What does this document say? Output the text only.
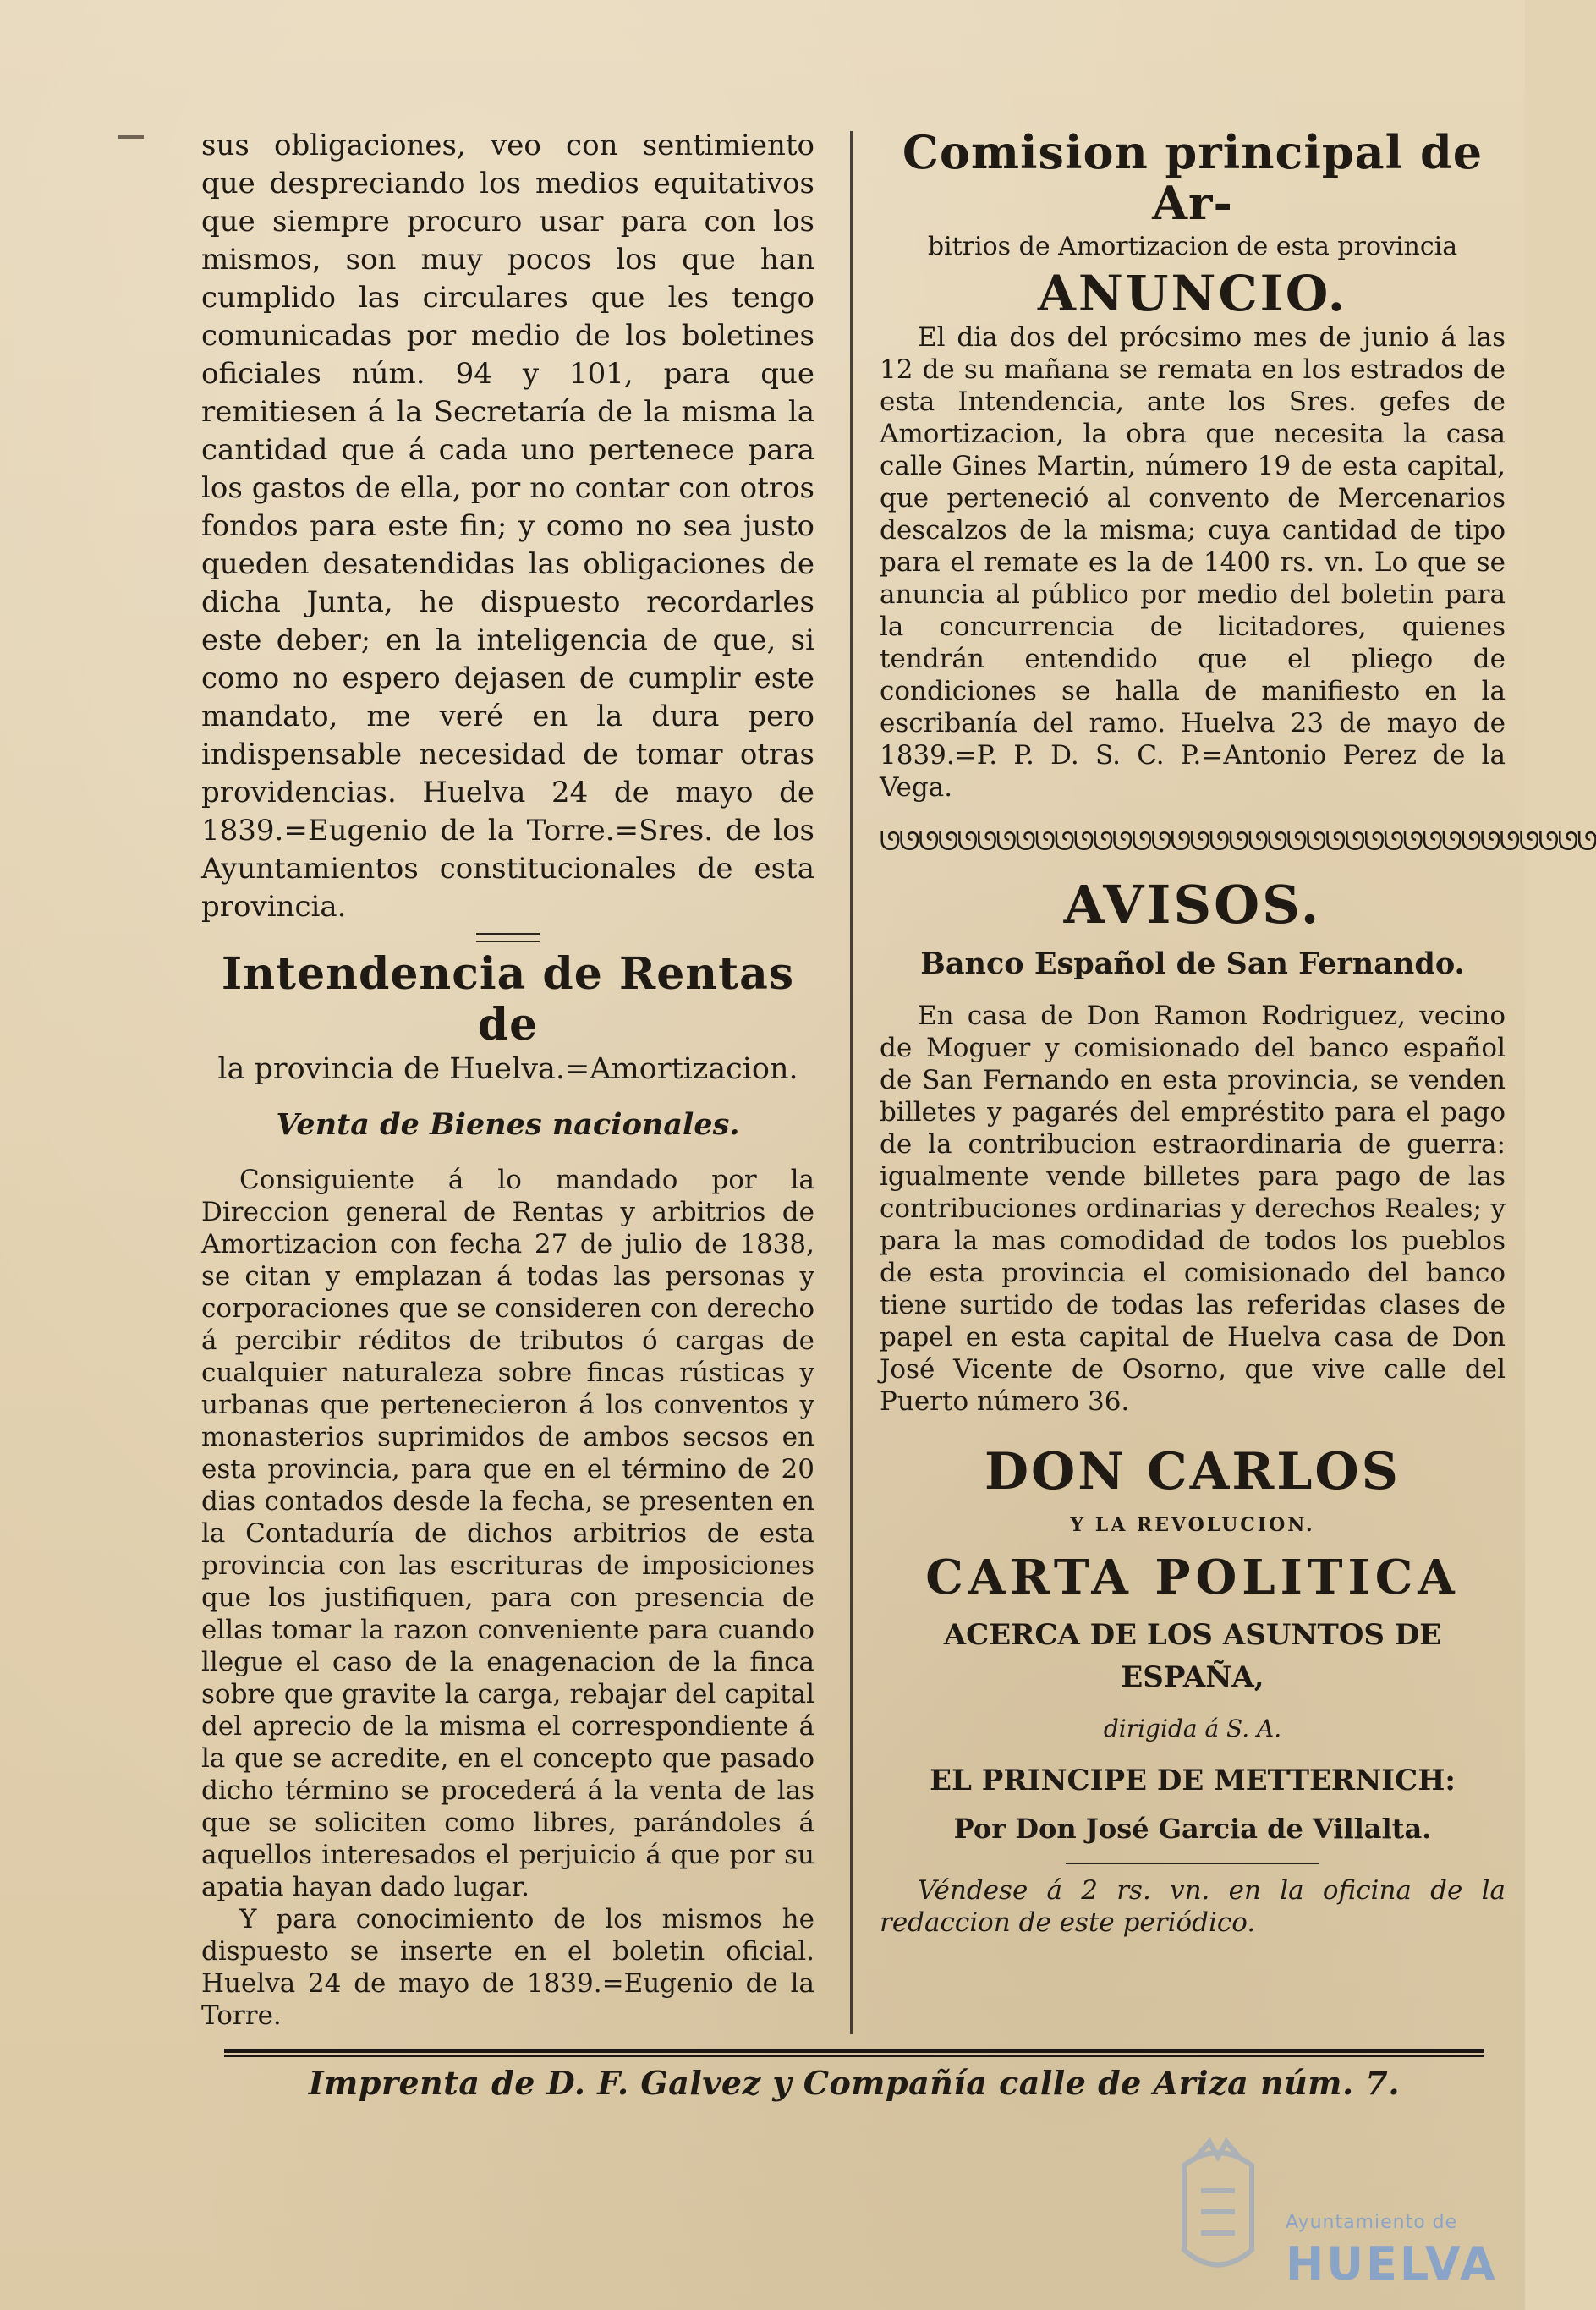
sus obligaciones, veo con sentimiento que despreciando los medios equitativos que siempre procuro usar para con los mismos, son muy pocos los que han cumplido las circulares que les tengo comunicadas por medio de los boletines oficiales núm. 94 y 101, para que remitiesen á la Secretaría de la misma la cantidad que á cada uno pertenece para los gastos de ella, por no contar con otros fondos para este fin; y como no sea justo queden desatendidas las obligaciones de dicha Junta, he dispuesto recordarles este deber; en la inteligencia de que, si como no espero dejasen de cumplir este mandato, me veré en la dura pero indispensable necesidad de tomar otras providencias. Huelva 24 de mayo de 1839.=Eugenio de la Torre.=Sres. de los Ayuntamientos constitucionales de esta provincia.

Intendencia de Rentas de
la provincia de Huelva.=Amortizacion.
Venta de Bienes nacionales.

Consiguiente á lo mandado por la Direccion general de Rentas y arbitrios de Amortizacion con fecha 27 de julio de 1838, se citan y emplazan á todas las personas y corporaciones que se consideren con derecho á percibir réditos de tributos ó cargas de cualquier naturaleza sobre fincas rústicas y urbanas que pertenecieron á los conventos y monasterios suprimidos de ambos secsos en esta provincia, para que en el término de 20 dias contados desde la fecha, se presenten en la Contaduría de dichos arbitrios de esta provincia con las escrituras de imposiciones que los justifiquen, para con presencia de ellas tomar la razon conveniente para cuando llegue el caso de la enagenacion de la finca sobre que gravite la carga, rebajar del capital del aprecio de la misma el correspondiente á la que se acredite, en el concepto que pasado dicho término se procederá á la venta de las que se soliciten como libres, parándoles á aquellos interesados el perjuicio á que por su apatia hayan dado lugar.

Y para conocimiento de los mismos he dispuesto se inserte en el boletin oficial. Huelva 24 de mayo de 1839.=Eugenio de la Torre.

Comision principal de Ar-
bitrios de Amortizacion de esta provincia
ANUNCIO.

El dia dos del prócsimo mes de junio á las 12 de su mañana se remata en los estrados de esta Intendencia, ante los Sres. gefes de Amortizacion, la obra que necesita la casa calle Gines Martin, número 19 de esta capital, que perteneció al convento de Mercenarios descalzos de la misma; cuya cantidad de tipo para el remate es la de 1400 rs. vn. Lo que se anuncia al público por medio del boletin para la concurrencia de licitadores, quienes tendrán entendido que el pliego de condiciones se halla de manifiesto en la escribanía del ramo. Huelva 23 de mayo de 1839.=P. P. D. S. C. P.=Antonio Perez de la Vega.

ᘎᘎᘎᘎᘎᘎᘎᘎᘎᘎᘎᘎᘎᘎᘎᘎᘎᘎᘎᘎᘎᘎᘎᘎᘎᘎᘎᘎᘎᘎᘎᘎᘎᘎᘎᘎᘎ
AVISOS.
Banco Español de San Fernando.

En casa de Don Ramon Rodriguez, vecino de Moguer y comisionado del banco español de San Fernando en esta provincia, se venden billetes y pagarés del empréstito para el pago de la contribucion estraordinaria de guerra: igualmente vende billetes para pago de las contribuciones ordinarias y derechos Reales; y para la mas comodidad de todos los pueblos de esta provincia el comisionado del banco tiene surtido de todas las referidas clases de papel en esta capital de Huelva casa de Don José Vicente de Osorno, que vive calle del Puerto número 36.

DON CARLOS
Y LA REVOLUCION.
CARTA POLITICA
ACERCA DE LOS ASUNTOS DE ESPAÑA,
dirigida á S. A.
EL PRINCIPE DE METTERNICH:
Por Don José Garcia de Villalta.

Véndese á 2 rs. vn. en la oficina de la redaccion de este periódico.

Imprenta de D. F. Galvez y Compañía calle de Ariza núm. 7.
Ayuntamiento de
HUELVA
